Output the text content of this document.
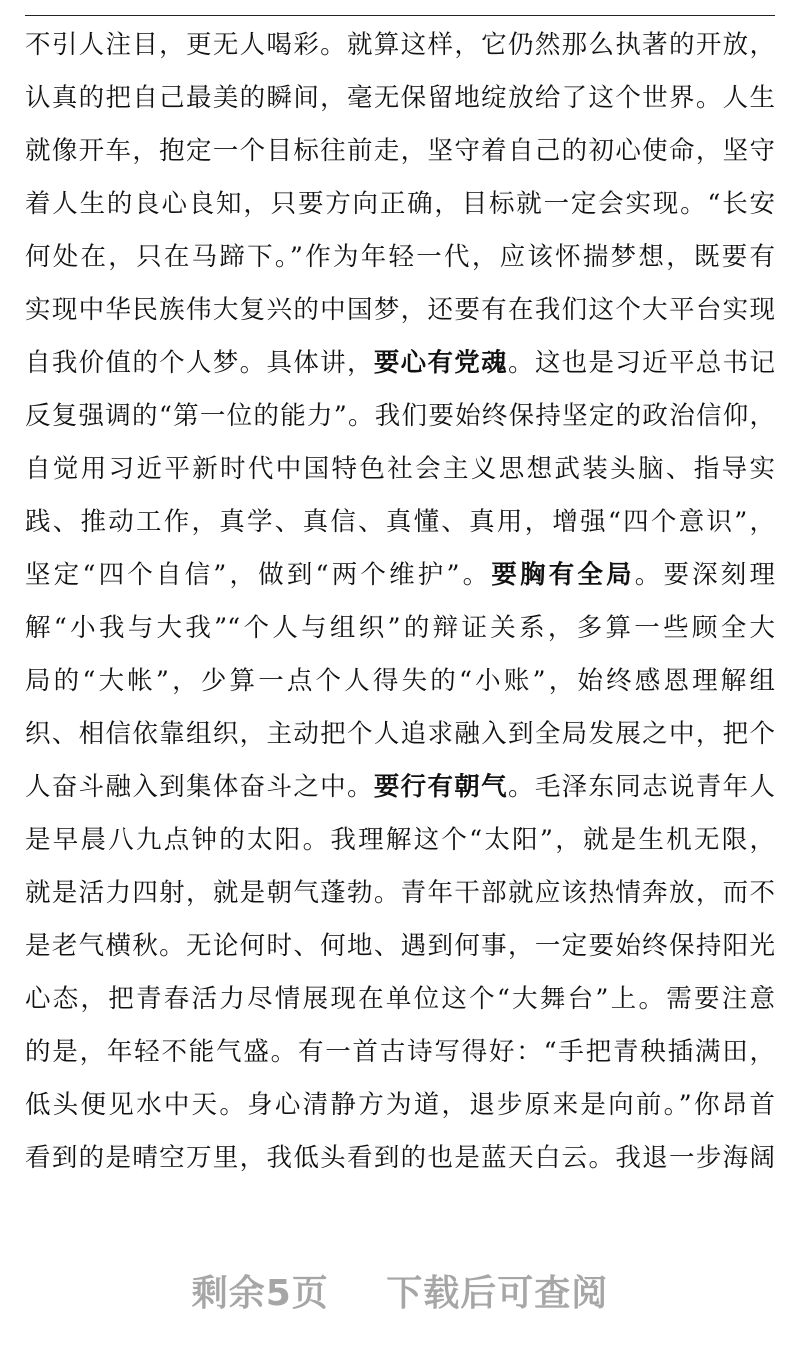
不引人注目，更无人喝彩。就算这样，它仍然那么执著的开放，
认真的把自己最美的瞬间，毫无保留地绽放给了这个世界。人生
就像开车，抱定一个目标往前走，坚守着自己的初心使命，坚守
着人生的良心良知，只要方向正确，目标就一定会实现。“长安
何处在，只在马蹄下。”作为年轻一代，应该怀揣梦想，既要有
实现中华民族伟大复兴的中国梦，还要有在我们这个大平台实现
自我价值的个人梦。具体讲，要心有党魂。这也是习近平总书记
反复强调的“第一位的能力”。我们要始终保持坚定的政治信仰，
自觉用习近平新时代中国特色社会主义思想武装头脑、指导实
践、推动工作，真学、真信、真懂、真用，增强“四个意识”，
坚定“四个自信”，做到“两个维护”。要胸有全局。要深刻理
解“小我与大我”“个人与组织”的辩证关系，多算一些顾全大
局的“大帐”，少算一点个人得失的“小账”，始终感恩理解组
织、相信依靠组织，主动把个人追求融入到全局发展之中，把个
人奋斗融入到集体奋斗之中。要行有朝气。毛泽东同志说青年人
是早晨八九点钟的太阳。我理解这个“太阳”，就是生机无限，
就是活力四射，就是朝气蓬勃。青年干部就应该热情奔放，而不
是老气横秋。无论何时、何地、遇到何事，一定要始终保持阳光
心态，把青春活力尽情展现在单位这个“大舞台”上。需要注意
的是，年轻不能气盛。有一首古诗写得好：“手把青秧插满田，
低头便见水中天。身心清静方为道，退步原来是向前。”你昂首
看到的是晴空万里，我低头看到的也是蓝天白云。我退一步海阔
剩余5页 下载后可查阅
